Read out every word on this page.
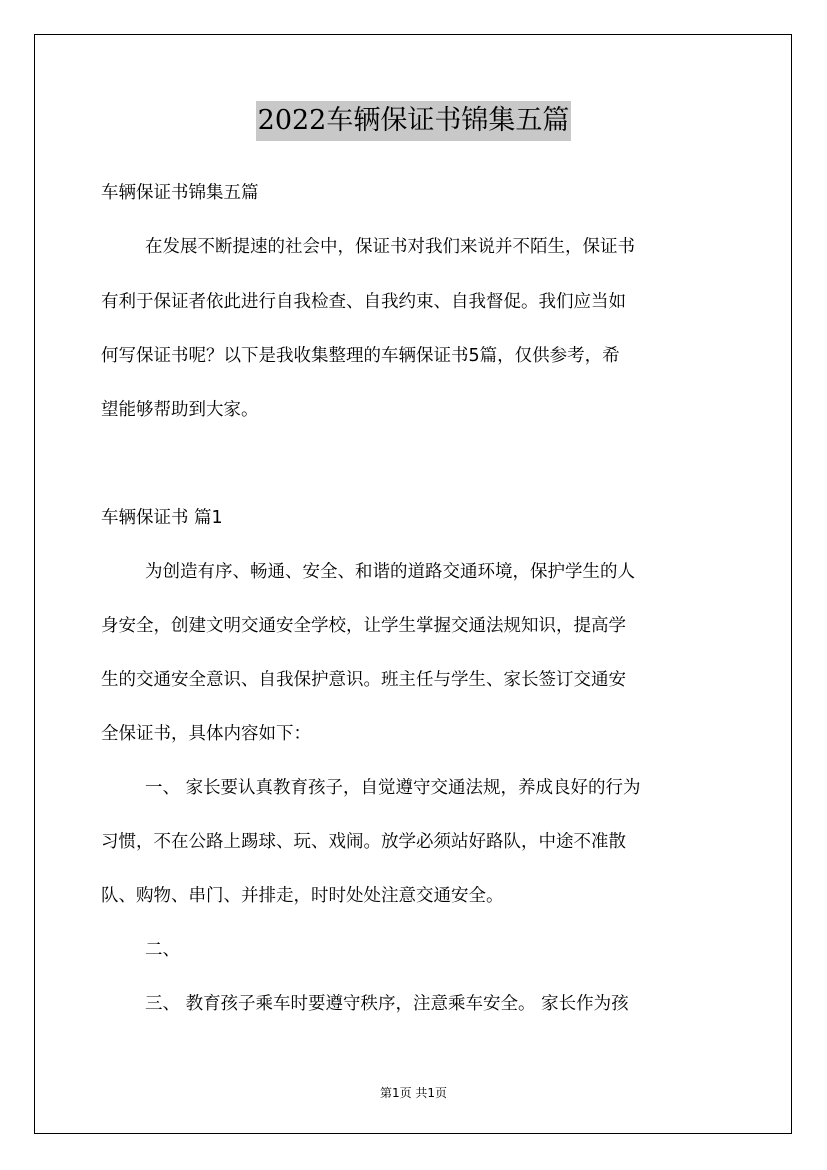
2022车辆保证书锦集五篇
车辆保证书锦集五篇
在发展不断提速的社会中，保证书对我们来说并不陌生，保证书
有利于保证者依此进行自我检查、自我约束、自我督促。我们应当如
何写保证书呢？以下是我收集整理的车辆保证书5篇，仅供参考，希
望能够帮助到大家。
车辆保证书 篇1
为创造有序、畅通、安全、和谐的道路交通环境，保护学生的人
身安全，创建文明交通安全学校，让学生掌握交通法规知识，提高学
生的交通安全意识、自我保护意识。班主任与学生、家长签订交通安
全保证书，具体内容如下：
一、 家长要认真教育孩子，自觉遵守交通法规，养成良好的行为
习惯，不在公路上踢球、玩、戏闹。放学必须站好路队，中途不准散
队、购物、串门、并排走，时时处处注意交通安全。
二、
三、 教育孩子乘车时要遵守秩序，注意乘车安全。 家长作为孩
第1页 共1页
